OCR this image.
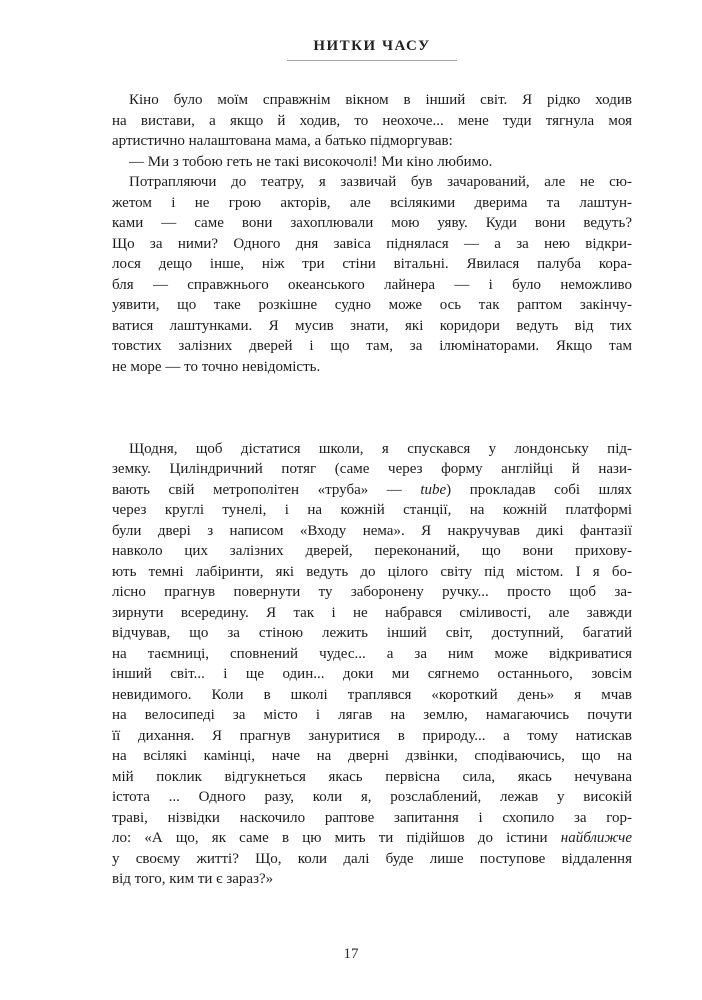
НИТКИ ЧАСУ
Кіно було моїм справжнім вікном в інший світ. Я рідко ходив
на вистави, а якщо й ходив, то неохоче... мене туди тягнула моя
артистично налаштована мама, а батько підморгував:
— Ми з тобою геть не такі високочолі! Ми кіно любимо.
Потрапляючи до театру, я зазвичай був зачарований, але не сю-
жетом і не грою акторів, але всілякими дверима та лаштун-
ками — саме вони захоплювали мою уяву. Куди вони ведуть?
Що за ними? Одного дня завіса піднялася — а за нею відкри-
лося дещо інше, ніж три стіни вітальні. Явилася палуба кора-
бля — справжнього океанського лайнера — і було неможливо
уявити, що таке розкішне судно може ось так раптом закінчу-
ватися лаштунками. Я мусив знати, які коридори ведуть від тих
товстих залізних дверей і що там, за ілюмінаторами. Якщо там
не море — то точно невідомість.
Щодня, щоб дістатися школи, я спускався у лондонську під-
земку. Циліндричний потяг (саме через форму англійці й нази-
вають свій метрополітен «труба» — tube) прокладав собі шлях
через круглі тунелі, і на кожній станції, на кожній платформі
були двері з написом «Входу нема». Я накручував дикі фантазії
навколо цих залізних дверей, переконаний, що вони прихову-
ють темні лабіринти, які ведуть до цілого світу під містом. І я бо-
лісно прагнув повернути ту заборонену ручку... просто щоб за-
зирнути всередину. Я так і не набрався сміливості, але завжди
відчував, що за стіною лежить інший світ, доступний, багатий
на таємниці, сповнений чудес... а за ним може відкриватися
інший світ... і ще один... доки ми сягнемо останнього, зовсім
невидимого. Коли в школі траплявся «короткий день» я мчав
на велосипеді за місто і лягав на землю, намагаючись почути
її дихання. Я прагнув зануритися в природу... а тому натискав
на всілякі камінці, наче на дверні дзвінки, сподіваючись, що на
мій поклик відгукнеться якась первісна сила, якась нечувана
істота ... Одного разу, коли я, розслаблений, лежав у високій
траві, нізвідки наскочило раптове запитання і схопило за гор-
ло: «А що, як саме в цю мить ти підійшов до істини найближче
у своєму житті? Що, коли далі буде лише поступове віддалення
від того, ким ти є зараз?»
17
